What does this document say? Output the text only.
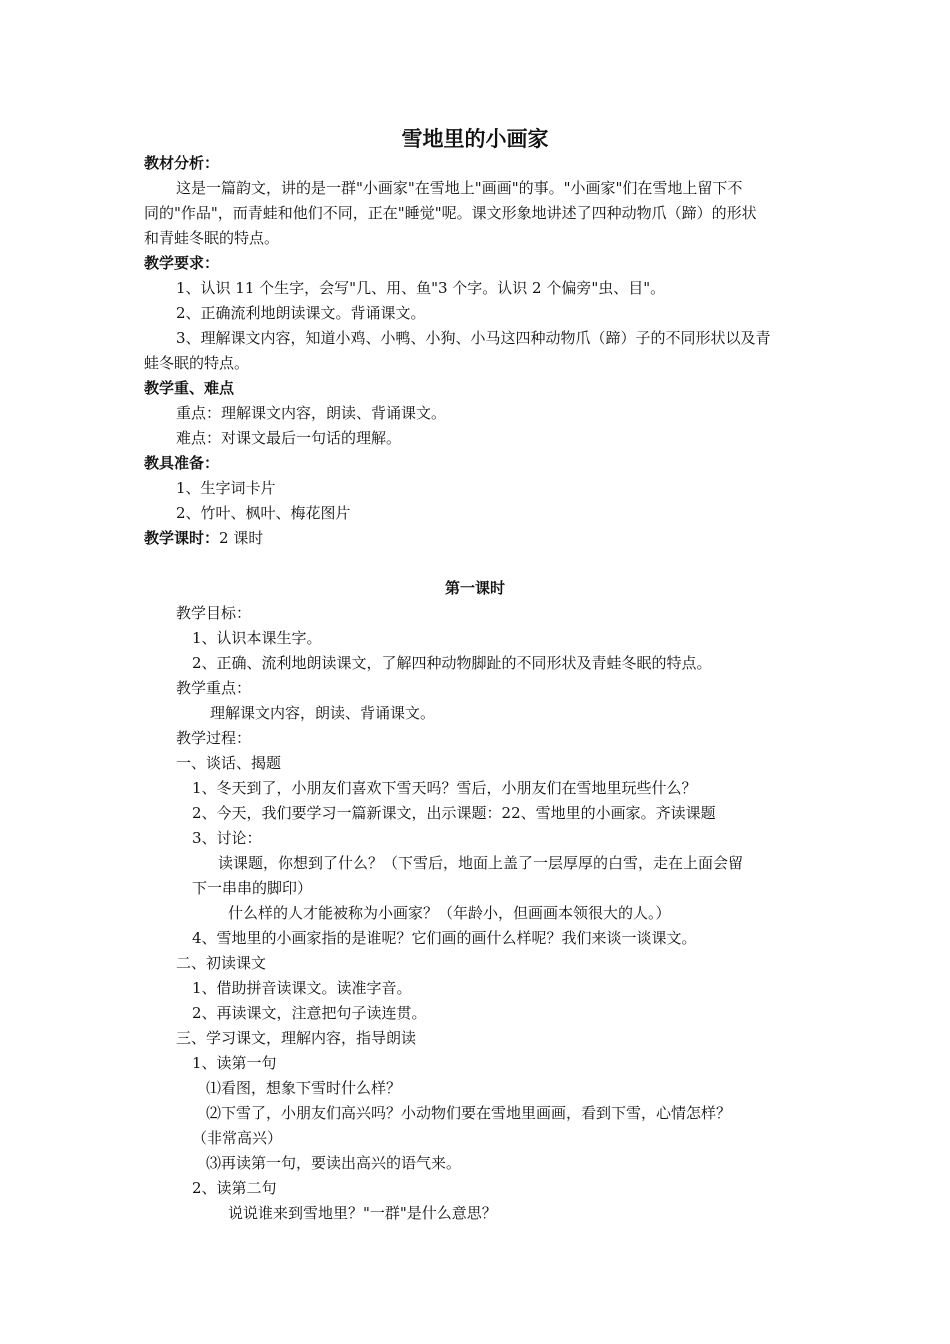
雪地里的小画家
教材分析：
这是一篇韵文，讲的是一群"小画家"在雪地上"画画"的事。"小画家"们在雪地上留下不
同的"作品"，而青蛙和他们不同，正在"睡觉"呢。课文形象地讲述了四种动物爪（蹄）的形状
和青蛙冬眠的特点。
教学要求：
1、认识 11 个生字，会写"几、用、鱼"3 个字。认识 2 个偏旁"虫、目"。
2、正确流利地朗读课文。背诵课文。
3、理解课文内容，知道小鸡、小鸭、小狗、小马这四种动物爪（蹄）子的不同形状以及青
蛙冬眠的特点。
教学重、难点
重点：理解课文内容，朗读、背诵课文。
难点：对课文最后一句话的理解。
教具准备：
1、生字词卡片
2、竹叶、枫叶、梅花图片
教学课时：2 课时
第一课时
教学目标：
1、认识本课生字。
2、正确、流利地朗读课文，了解四种动物脚趾的不同形状及青蛙冬眠的特点。
教学重点：
理解课文内容，朗读、背诵课文。
教学过程：
一、谈话、揭题
1、冬天到了，小朋友们喜欢下雪天吗？雪后，小朋友们在雪地里玩些什么？
2、今天，我们要学习一篇新课文，出示课题：22、雪地里的小画家。齐读课题
3、讨论：
读课题，你想到了什么？（下雪后，地面上盖了一层厚厚的白雪，走在上面会留
下一串串的脚印）
什么样的人才能被称为小画家？（年龄小，但画画本领很大的人。）
4、雪地里的小画家指的是谁呢？它们画的画什么样呢？我们来谈一谈课文。
二、初读课文
1、借助拼音读课文。读准字音。
2、再读课文，注意把句子读连贯。
三、学习课文，理解内容，指导朗读
1、读第一句
⑴看图，想象下雪时什么样？
⑵下雪了，小朋友们高兴吗？小动物们要在雪地里画画，看到下雪，心情怎样？
（非常高兴）
⑶再读第一句，要读出高兴的语气来。
2、读第二句
说说谁来到雪地里？"一群"是什么意思？
